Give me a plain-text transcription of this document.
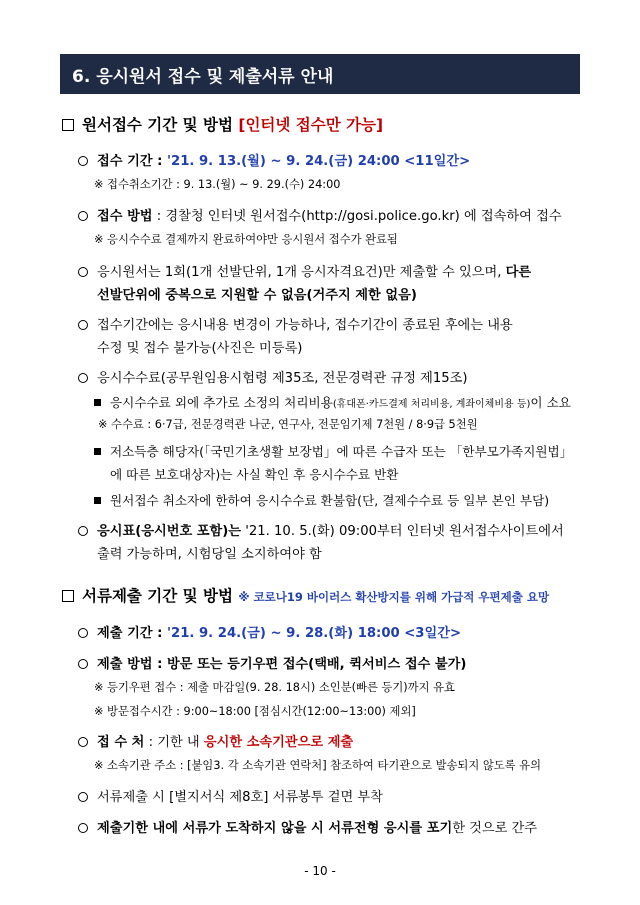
6. 응시원서 접수 및 제출서류 안내
원서접수 기간 및 방법 [인터넷 접수만 가능]
접수 기간 : '21. 9. 13.(월) ~ 9. 24.(금) 24:00 <11일간>
※ 접수취소기간 : 9. 13.(월) ~ 9. 29.(수) 24:00
접수 방법 : 경찰청 인터넷 원서접수(http://gosi.police.go.kr) 에 접속하여 접수
※ 응시수수료 결제까지 완료하여야만 응시원서 접수가 완료됨
응시원서는 1회(1개 선발단위, 1개 응시자격요건)만 제출할 수 있으며, 다른
선발단위에 중복으로 지원할 수 없음(거주지 제한 없음)
접수기간에는 응시내용 변경이 가능하나, 접수기간이 종료된 후에는 내용
수정 및 접수 불가능(사진은 미등록)
응시수수료(공무원임용시험령 제35조, 전문경력관 규정 제15조)
응시수수료 외에 추가로 소정의 처리비용(휴대폰·카드결제 처리비용, 계좌이체비용 등)이 소요
※ 수수료 : 6·7급, 전문경력관 나군, 연구사, 전문임기제 7천원 / 8·9급 5천원
저소득층 해당자(「국민기초생활 보장법」에 따른 수급자 또는 「한부모가족지원법」
에 따른 보호대상자)는 사실 확인 후 응시수수료 반환
원서접수 취소자에 한하여 응시수수료 환불함(단, 결제수수료 등 일부 본인 부담)
응시표(응시번호 포함)는 '21. 10. 5.(화) 09:00부터 인터넷 원서접수사이트에서
출력 가능하며, 시험당일 소지하여야 함
서류제출 기간 및 방법 ※ 코로나19 바이러스 확산방지를 위해 가급적 우편제출 요망
제출 기간 : '21. 9. 24.(금) ~ 9. 28.(화) 18:00 <3일간>
제출 방법 : 방문 또는 등기우편 접수(택배, 퀵서비스 접수 불가)
※ 등기우편 접수 : 제출 마감일(9. 28. 18시) 소인분(빠른 등기)까지 유효
※ 방문접수시간 : 9:00~18:00 [점심시간(12:00~13:00) 제외]
접 수 처 : 기한 내 응시한 소속기관으로 제출
※ 소속기관 주소 : [붙임3. 각 소속기관 연락처] 참조하여 타기관으로 발송되지 않도록 유의
서류제출 시 [별지서식 제8호] 서류봉투 겉면 부착
제출기한 내에 서류가 도착하지 않을 시 서류전형 응시를 포기한 것으로 간주
- 10 -
